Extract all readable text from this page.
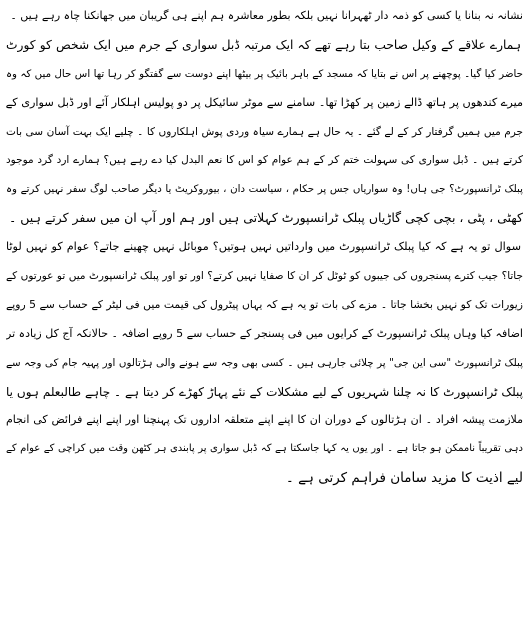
نشانہ نہ بنانا یا کسی کو ذمہ دار ٹھہرانا نہیں بلکہ بطور معاشرہ ہم اپنے ہی گریبان میں جھانکنا چاہ رہے ہیں ۔
ہمارے علاقے کے وکیل صاحب بتا رہے تھے کہ ایک مرتبہ ڈبل سواری کے جرم میں ایک شخص کو کورٹ
حاضر کیا گیا۔ پوچھنے پر اس نے بتایا کہ مسجد کے باہر بائیک پر بیٹھا اپنے دوست سے گفتگو کر رہا تھا اس حال میں کہ وہ
میرے کندھوں پر ہاتھ ڈالے زمین پر کھڑا تھا۔ سامنے سے موٹر سائیکل پر دو پولیس اہلکار آئے اور ڈبل سواری کے
جرم میں ہمیں گرفتار کر کے لے گئے ۔ یہ حال ہے ہمارے سیاہ وردی پوش اہلکاروں کا ۔ چلیے ایک بہت آسان سی بات
کرتے ہیں ۔ ڈبل سواری کی سہولت ختم کر کے ہم عوام کو اس کا نعم البدل کیا دے رہے ہیں؟ ہمارے ارد گرد موجود
پبلک ٹرانسپورٹ؟ جی ہاں! وہ سواریاں جس پر حکام ، سیاست دان ، بیوروکریٹ یا دیگر صاحب لوگ سفر نہیں کرتے وہ
کھٹی ، پٹی ، بچی کچی گاڑیاں پبلک ٹرانسپورٹ کہلاتی ہیں اور ہم اور آپ ان میں سفر کرتے ہیں ۔
سوال تو یہ ہے کہ کیا پبلک ٹرانسپورٹ میں وارداتیں نہیں ہوتیں؟ موبائل نہیں چھینے جاتے؟ عوام کو نہیں لوٹا
جاتا؟ جیب کترے پسنجروں کی جیبوں کو ٹوٹل کر ان کا صفایا نہیں کرتے؟ اور تو اور پبلک ٹرانسپورٹ میں تو عورتوں کے
زیورات تک کو نہیں بخشا جاتا ۔ مزے کی بات تو یہ ہے کہ یہاں پیٹرول کی قیمت میں فی لیٹر کے حساب سے 5 روپے
اضافہ کیا وہاں پبلک ٹرانسپورٹ کے کرایوں میں فی پسنجر کے حساب سے 5 روپے اضافہ ۔ حالانکہ آج کل زیادہ تر
پبلک ٹرانسپورٹ "سی این جی" پر چلائی جارہی ہیں ۔ کسی بھی وجہ سے ہونے والی ہڑتالوں اور پہیہ جام کی وجہ سے
پبلک ٹرانسپورٹ کا نہ چلنا شہریوں کے لیے مشکلات کے نئے پہاڑ کھڑے کر دیتا ہے ۔ چاہے طالبعلم ہوں یا
ملازمت پیشہ افراد ۔ ان ہڑتالوں کے دوران ان کا اپنے اپنے متعلقہ اداروں تک پہنچنا اور اپنے اپنے فرائض کی انجام
دہی تقریباً ناممکن ہو جاتا ہے ۔ اور یوں یہ کہا جاسکتا ہے کہ ڈبل سواری پر پابندی ہر کٹھن وقت میں کراچی کے عوام کے
لیے اذیت کا مزید سامان فراہم کرتی ہے ۔
